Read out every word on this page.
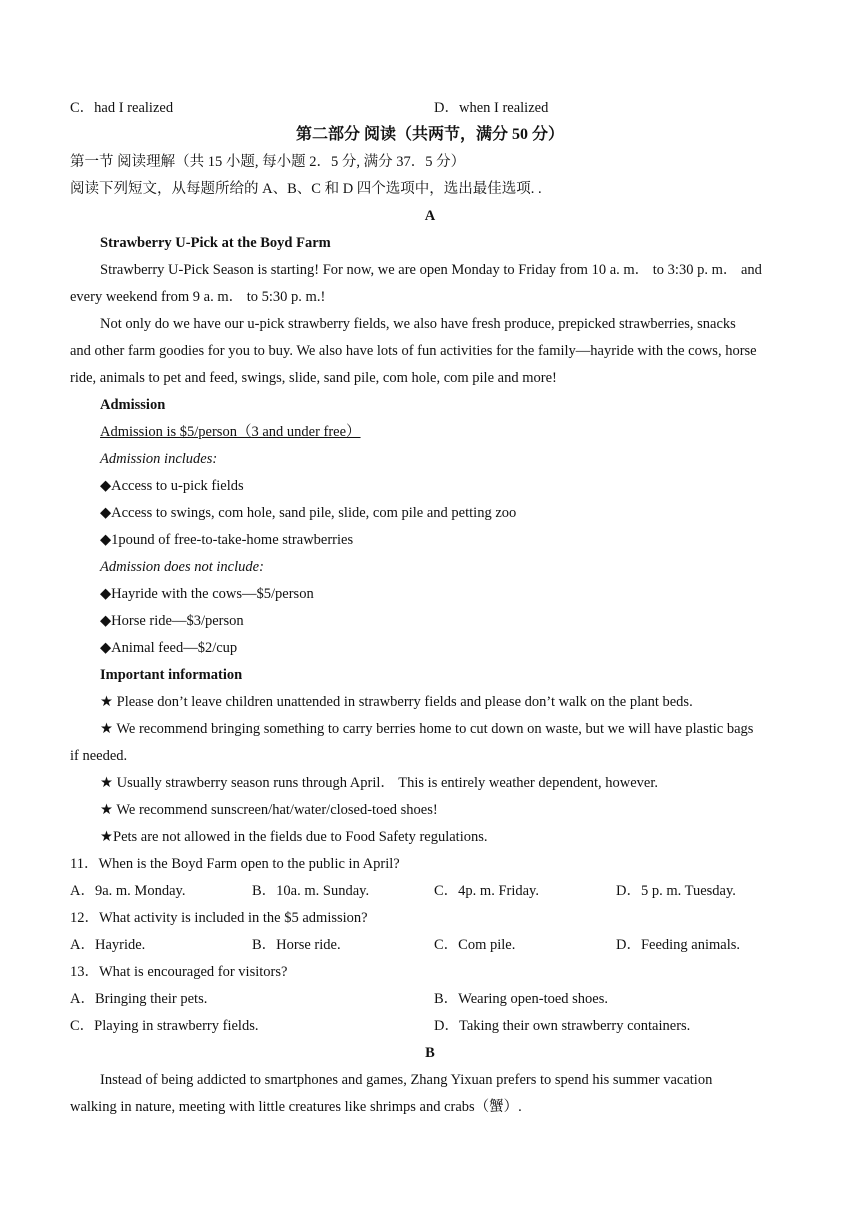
C．had I realized	D．when I realized
第二部分 阅读（共两节，满分 50 分）
第一节 阅读理解（共 15 小题, 每小题 2．5 分, 满分 37．5 分）
阅读下列短文，从每题所给的 A、B、C 和 D 四个选项中，选出最佳选项. .
A
Strawberry U-Pick at the Boyd Farm
Strawberry U-Pick Season is starting! For now, we are open Monday to Friday from 10 a. m． to 3:30 p. m． and
every weekend from 9 a. m． to 5:30 p. m.!
Not only do we have our u-pick strawberry fields, we also have fresh produce, prepicked strawberries, snacks
and other farm goodies for you to buy. We also have lots of fun activities for the family—hayride with the cows, horse
ride, animals to pet and feed, swings, slide, sand pile, com hole, com pile and more!
Admission
Admission is $5/person（3 and under free）
Admission includes:
◆Access to u-pick fields
◆Access to swings, com hole, sand pile, slide, com pile and petting zoo
◆1pound of free-to-take-home strawberries
Admission does not include:
◆Hayride with the cows—$5/person
◆Horse ride—$3/person
◆Animal feed—$2/cup
Important information
★ Please don’t leave children unattended in strawberry fields and please don’t walk on the plant beds.
★ We recommend bringing something to carry berries home to cut down on waste, but we will have plastic bags
if needed.
★ Usually strawberry season runs through April． This is entirely weather dependent, however.
★ We recommend sunscreen/hat/water/closed-toed shoes!
★Pets are not allowed in the fields due to Food Safety regulations.
11．When is the Boyd Farm open to the public in April?
A．9a. m. Monday.	B．10a. m. Sunday.	C．4p. m. Friday.	D．5 p. m. Tuesday.
12．What activity is included in the $5 admission?
A．Hayride.	B．Horse ride.	C．Com pile.	D．Feeding animals.
13．What is encouraged for visitors?
A．Bringing their pets.	B．Wearing open-toed shoes.
C．Playing in strawberry fields.	D．Taking their own strawberry containers.
B
Instead of being addicted to smartphones and games, Zhang Yixuan prefers to spend his summer vacation
walking in nature, meeting with little creatures like shrimps and crabs（蟹）.
